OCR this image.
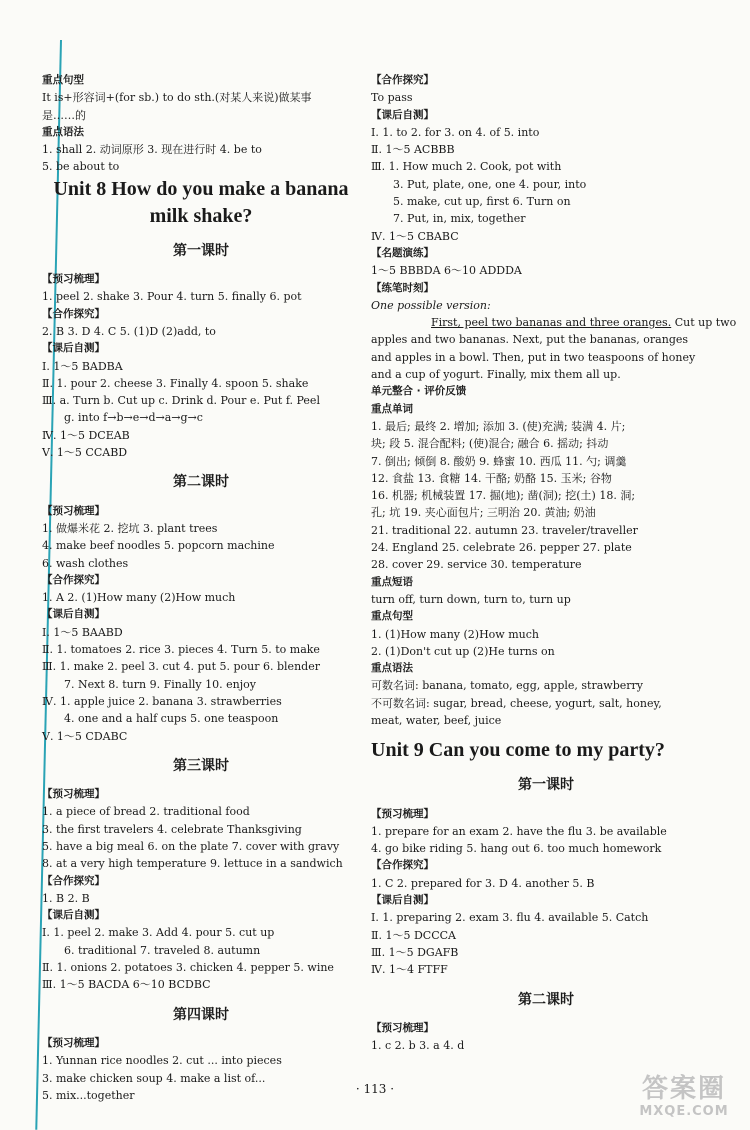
重点句型
It is+形容词+(for sb.) to do sth.(对某人来说)做某事
是……的
重点语法
1. shall 2. 动词原形 3. 现在进行时 4. be to
5. be about to
Unit 8 How do you make a banana
milk shake?
第一课时
【预习梳理】
1. peel 2. shake 3. Pour 4. turn 5. finally 6. pot
【合作探究】
2. B 3. D 4. C 5. (1)D (2)add, to
【课后自测】
Ⅰ. 1～5 BADBA
Ⅱ. 1. pour 2. cheese 3. Finally 4. spoon 5. shake
Ⅲ. a. Turn b. Cut up c. Drink d. Pour e. Put f. Peel
g. into f→b→e→d→a→g→c
Ⅳ. 1～5 DCEAB
Ⅴ. 1～5 CCABD
第二课时
【预习梳理】
1. 做爆米花 2. 挖坑 3. plant trees
4. make beef noodles 5. popcorn machine
6. wash clothes
【合作探究】
1. A 2. (1)How many (2)How much
【课后自测】
Ⅰ. 1～5 BAABD
Ⅱ. 1. tomatoes 2. rice 3. pieces 4. Turn 5. to make
Ⅲ. 1. make 2. peel 3. cut 4. put 5. pour 6. blender
7. Next 8. turn 9. Finally 10. enjoy
Ⅳ. 1. apple juice 2. banana 3. strawberries
4. one and a half cups 5. one teaspoon
Ⅴ. 1～5 CDABC
第三课时
【预习梳理】
1. a piece of bread 2. traditional food
3. the first travelers 4. celebrate Thanksgiving
5. have a big meal 6. on the plate 7. cover with gravy
8. at a very high temperature 9. lettuce in a sandwich
【合作探究】
1. B 2. B
【课后自测】
Ⅰ. 1. peel 2. make 3. Add 4. pour 5. cut up
6. traditional 7. traveled 8. autumn
Ⅱ. 1. onions 2. potatoes 3. chicken 4. pepper 5. wine
Ⅲ. 1～5 BACDA 6～10 BCDBC
第四课时
【预习梳理】
1. Yunnan rice noodles 2. cut ... into pieces
3. make chicken soup 4. make a list of...
5. mix...together
【合作探究】
To pass
【课后自测】
Ⅰ. 1. to 2. for 3. on 4. of 5. into
Ⅱ. 1～5 ACBBB
Ⅲ. 1. How much 2. Cook, pot with
3. Put, plate, one, one 4. pour, into
5. make, cut up, first 6. Turn on
7. Put, in, mix, together
Ⅳ. 1～5 CBABC
【名题演练】
1～5 BBBDA 6～10 ADDDA
【练笔时刻】
One possible version:
First, peel two bananas and three oranges. Cut up two
apples and two bananas. Next, put the bananas, oranges
and apples in a bowl. Then, put in two teaspoons of honey
and a cup of yogurt. Finally, mix them all up.
单元整合 · 评价反馈
重点单词
1. 最后; 最终 2. 增加; 添加 3. (使)充满; 装满 4. 片;
块; 段 5. 混合配料; (使)混合; 融合 6. 摇动; 抖动
7. 倒出; 倾倒 8. 酸奶 9. 蜂蜜 10. 西瓜 11. 勺; 调羹
12. 食盐 13. 食糖 14. 干酪; 奶酪 15. 玉米; 谷物
16. 机器; 机械装置 17. 掘(地); 凿(洞); 挖(土) 18. 洞;
孔; 坑 19. 夹心面包片; 三明治 20. 黄油; 奶油
21. traditional 22. autumn 23. traveler/traveller
24. England 25. celebrate 26. pepper 27. plate
28. cover 29. service 30. temperature
重点短语
turn off, turn down, turn to, turn up
重点句型
1. (1)How many (2)How much
2. (1)Don't cut up (2)He turns on
重点语法
可数名词: banana, tomato, egg, apple, strawberry
不可数名词: sugar, bread, cheese, yogurt, salt, honey,
meat, water, beef, juice
Unit 9 Can you come to my party?
第一课时
【预习梳理】
1. prepare for an exam 2. have the flu 3. be available
4. go bike riding 5. hang out 6. too much homework
【合作探究】
1. C 2. prepared for 3. D 4. another 5. B
【课后自测】
Ⅰ. 1. preparing 2. exam 3. flu 4. available 5. Catch
Ⅱ. 1～5 DCCCA
Ⅲ. 1～5 DGAFB
Ⅳ. 1～4 FTFF
第二课时
【预习梳理】
1. c 2. b 3. a 4. d
· 113 ·	答案圈
MXQE.COM
